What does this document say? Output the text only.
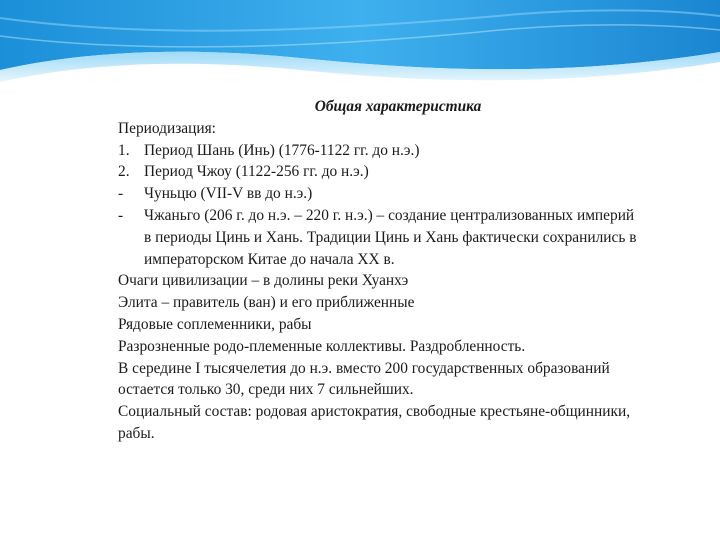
Общая характеристика
Периодизация:
1. Период Шань (Инь) (1776-1122 гг. до н.э.)
2. Период Чжоу (1122-256 гг. до н.э.)
-	Чуньцю (VII-V вв до н.э.)
-	Чжаньго (206 г. до н.э. – 220 г. н.э.) – создание централизованных империй в периоды Цинь и Хань. Традиции Цинь и Хань фактически сохранились в императорском Китае до начала XX в.
Очаги цивилизации – в долины реки Хуанхэ
Элита – правитель (ван) и его приближенные
Рядовые соплеменники, рабы
Разрозненные родо-племенные коллективы. Раздробленность.
В середине I тысячелетия до н.э. вместо 200 государственных образований остается только 30, среди них 7 сильнейших.
Социальный состав: родовая аристократия, свободные крестьяне-общинники, рабы.
